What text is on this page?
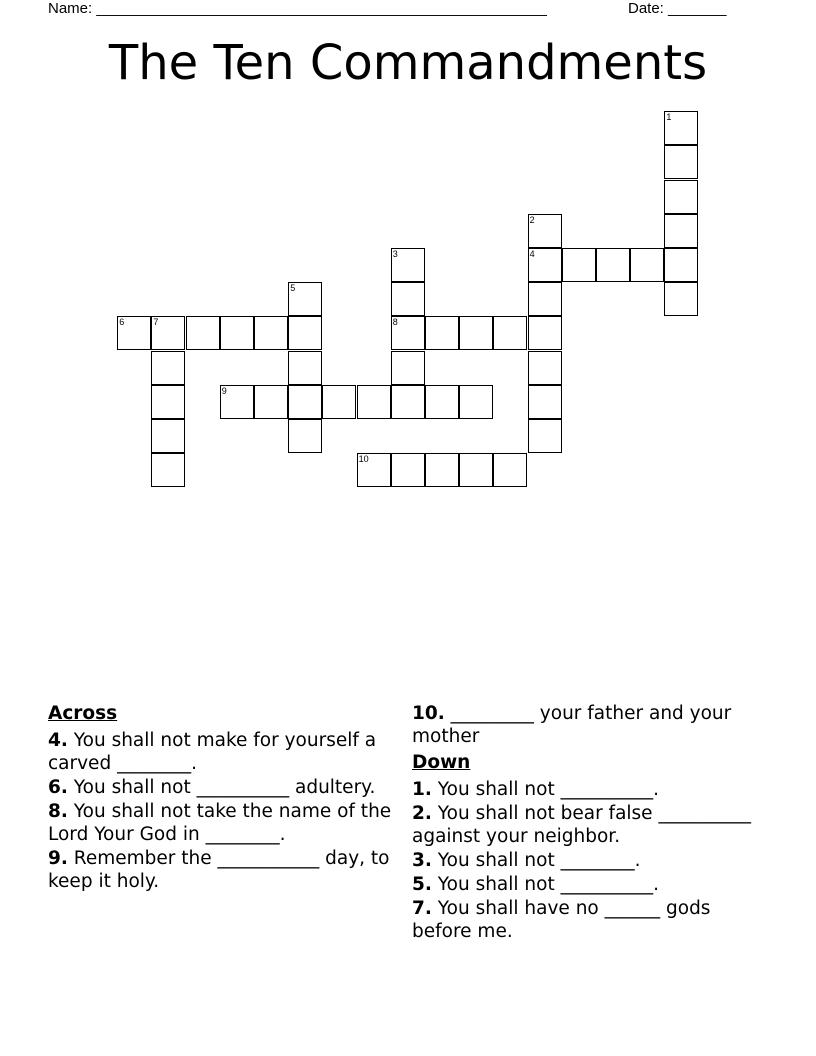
Name: ______________________________________________________	Date: _______
The Ten Commandments
1
2
4
3
8
5
6	7
9
10
Across
4. You shall not make for yourself a carved ________.
6. You shall not __________ adultery.
8. You shall not take the name of the Lord Your God in ________.
9. Remember the ___________ day, to keep it holy.
10. _________ your father and your mother
Down
1. You shall not __________.
2. You shall not bear false __________ against your neighbor.
3. You shall not ________.
5. You shall not __________.
7. You shall have no ______ gods before me.
